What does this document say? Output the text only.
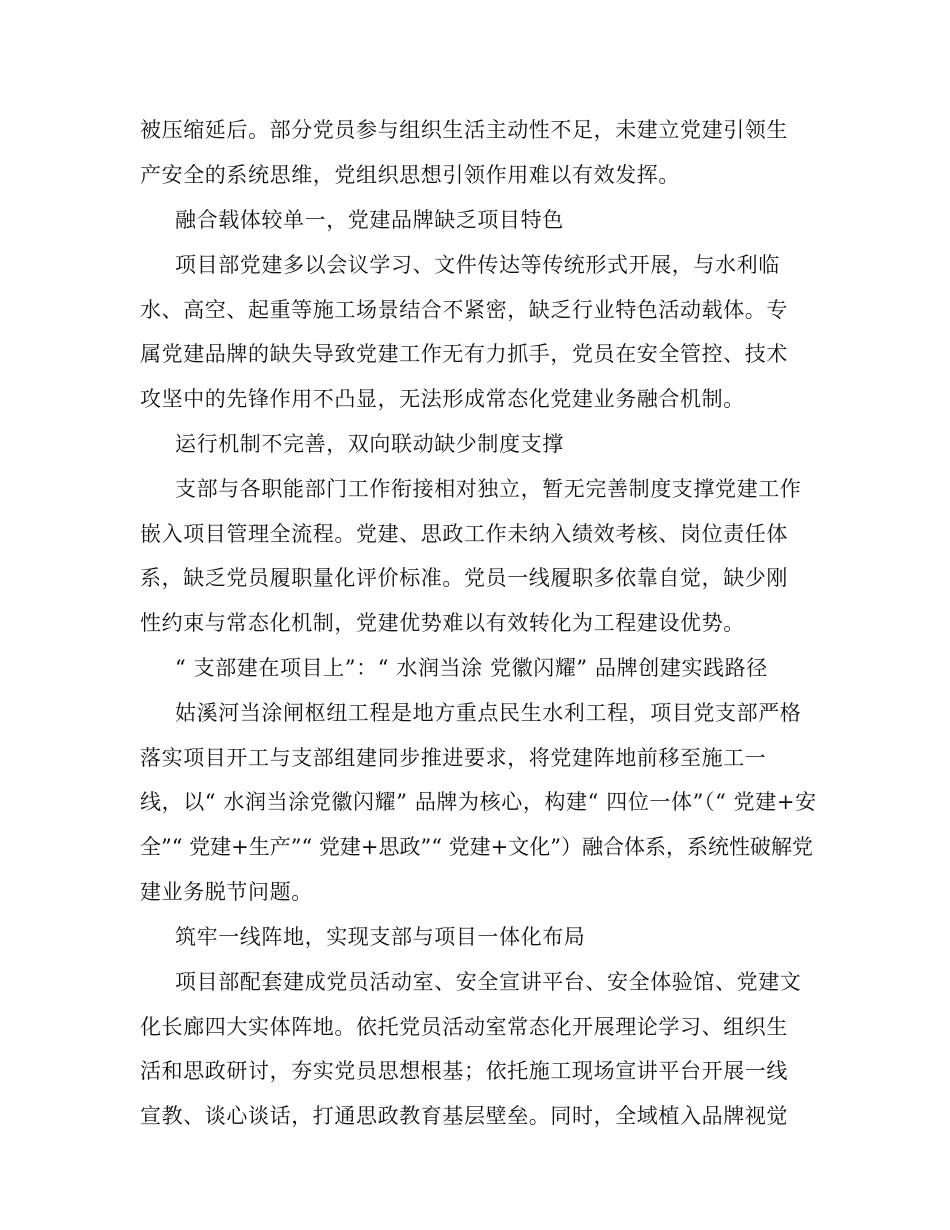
被压缩延后。部分党员参与组织生活主动性不足，未建立党建引领生
产安全的系统思维，党组织思想引领作用难以有效发挥。
融合载体较单一，党建品牌缺乏项目特色
项目部党建多以会议学习、文件传达等传统形式开展，与水利临
水、高空、起重等施工场景结合不紧密，缺乏行业特色活动载体。专
属党建品牌的缺失导致党建工作无有力抓手，党员在安全管控、技术
攻坚中的先锋作用不凸显，无法形成常态化党建业务融合机制。
运行机制不完善，双向联动缺少制度支撑
支部与各职能部门工作衔接相对独立，暂无完善制度支撑党建工作
嵌入项目管理全流程。党建、思政工作未纳入绩效考核、岗位责任体
系，缺乏党员履职量化评价标准。党员一线履职多依靠自觉，缺少刚
性约束与常态化机制，党建优势难以有效转化为工程建设优势。
“ 支部建在项目上”：“ 水润当涂 党徽闪耀” 品牌创建实践路径
姑溪河当涂闸枢纽工程是地方重点民生水利工程，项目党支部严格
落实项目开工与支部组建同步推进要求，将党建阵地前移至施工一
线，以“ 水润当涂党徽闪耀” 品牌为核心，构建“ 四位一体”（“ 党建+安
全”“ 党建+生产”“ 党建+思政”“ 党建+文化”）融合体系，系统性破解党
建业务脱节问题。
筑牢一线阵地，实现支部与项目一体化布局
项目部配套建成党员活动室、安全宣讲平台、安全体验馆、党建文
化长廊四大实体阵地。依托党员活动室常态化开展理论学习、组织生
活和思政研讨，夯实党员思想根基；依托施工现场宣讲平台开展一线
宣教、谈心谈话，打通思政教育基层壁垒。同时，全域植入品牌视觉
